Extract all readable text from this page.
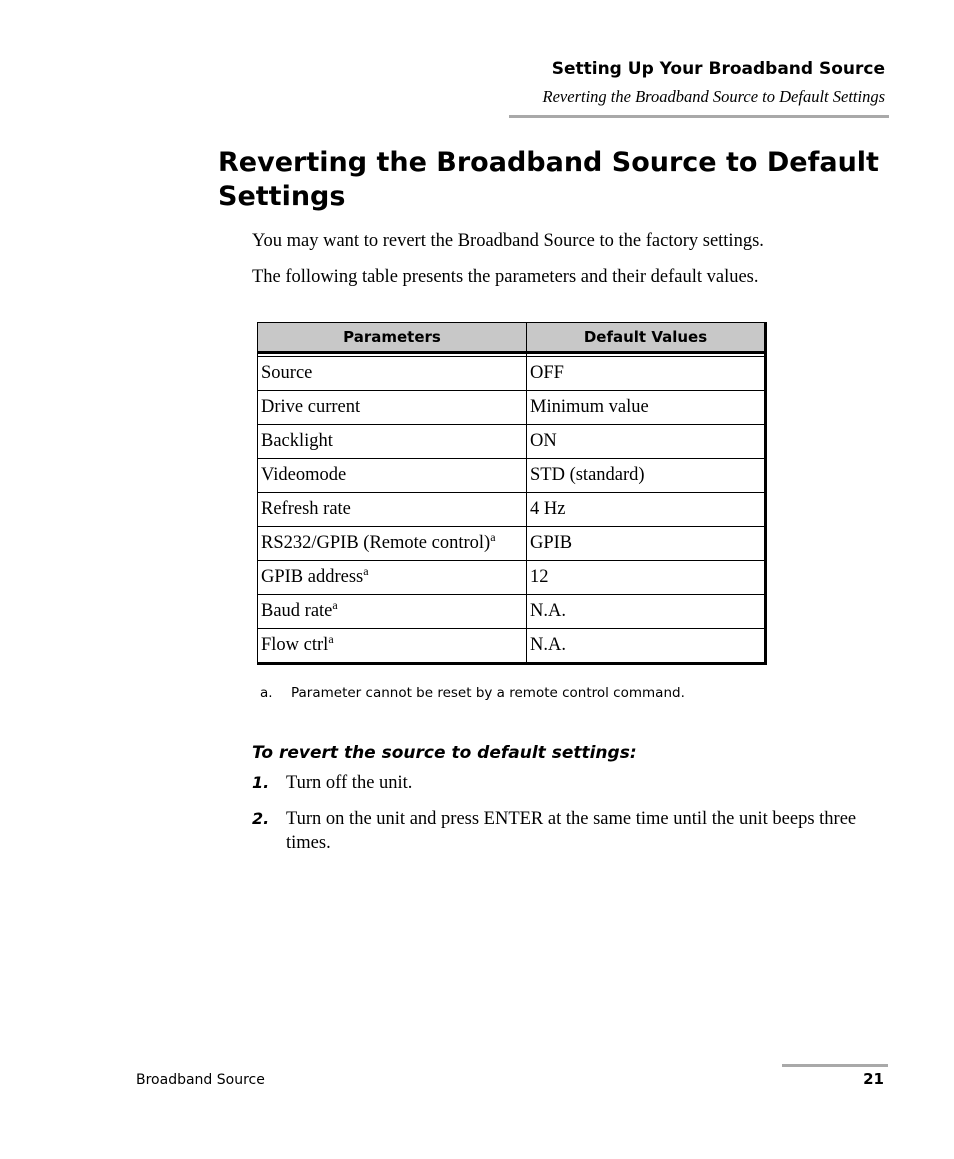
Setting Up Your Broadband Source
Reverting the Broadband Source to Default Settings
Reverting the Broadband Source to Default Settings

You may want to revert the Broadband Source to the factory settings.

The following table presents the parameters and their default values.

Parameters	Default Values

Source	OFF
Drive current	Minimum value
Backlight	ON
Videomode	STD (standard)
Refresh rate	4 Hz
RS232/GPIB (Remote control)$^a$	GPIB
GPIB address$^a$	12
Baud rate$^a$	N.A.
Flow ctrl$^a$	N.A.
a. Parameter cannot be reset by a remote control command.
To revert the source to default settings:
1. Turn off the unit.
2. Turn on the unit and press ENTER at the same time until the unit beeps three times.
Broadband Source	21
